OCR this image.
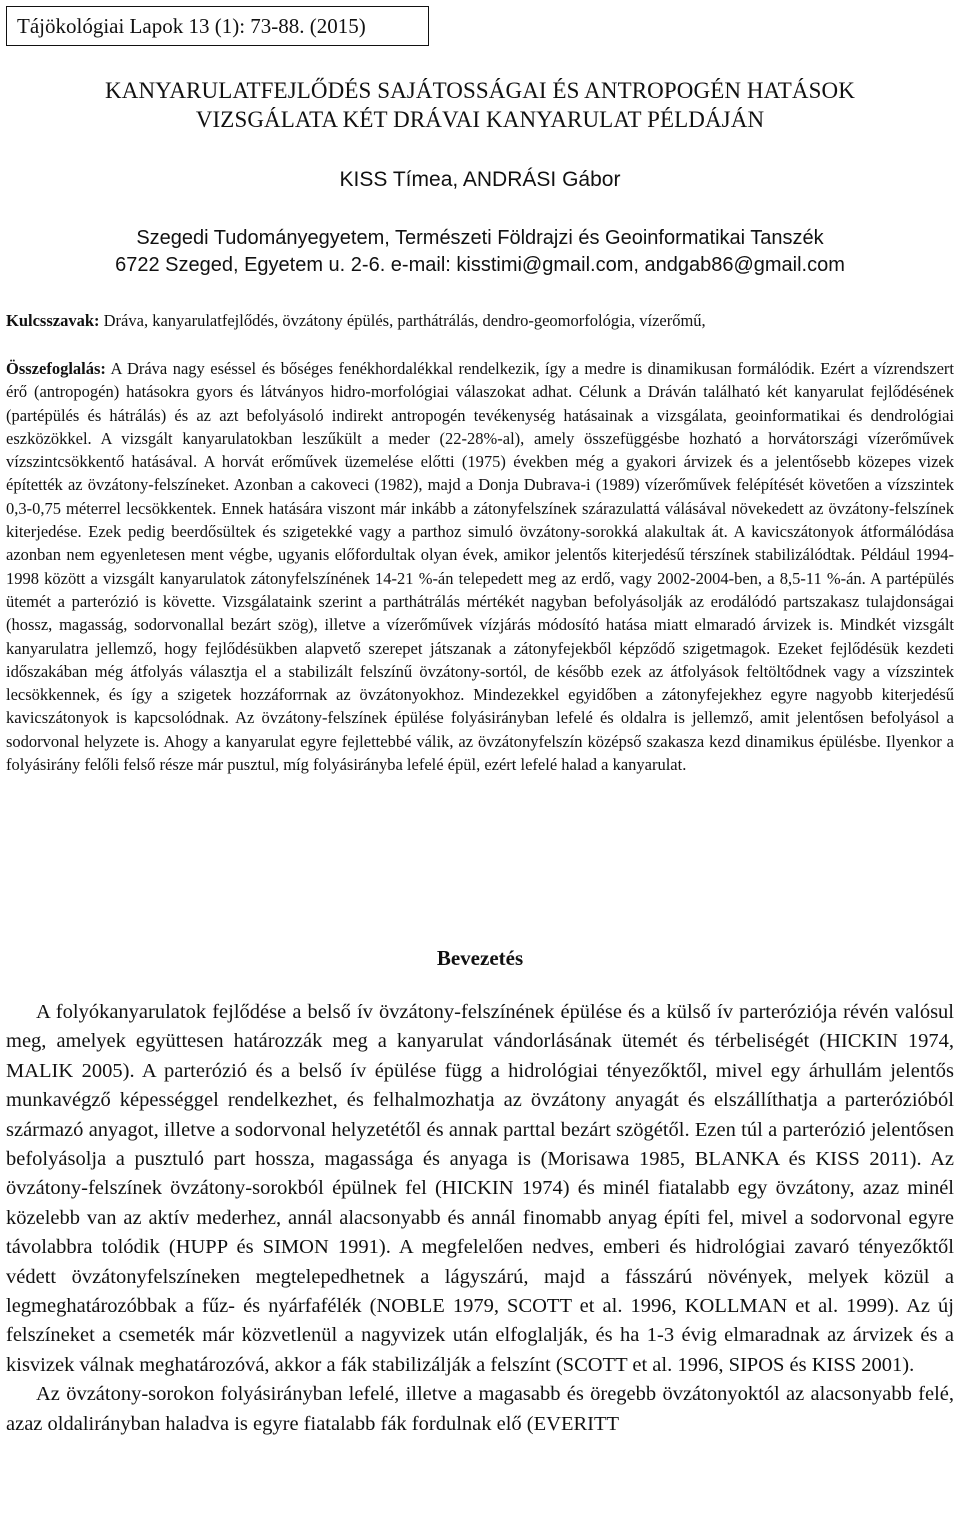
Tájökológiai Lapok 13 (1): 73-88. (2015)
KANYARULATFEJLŐDÉS SAJÁTOSSÁGAI ÉS ANTROPOGÉN HATÁSOK
VIZSGÁLATA KÉT DRÁVAI KANYARULAT PÉLDÁJÁN
KISS Tímea, ANDRÁSI Gábor
Szegedi Tudományegyetem, Természeti Földrajzi és Geoinformatikai Tanszék
6722 Szeged, Egyetem u. 2-6. e-mail: kisstimi@gmail.com, andgab86@gmail.com
Kulcsszavak: Dráva, kanyarulatfejlődés, övzátony épülés, parthátrálás, dendro-geomorfológia, vízerőmű,
Összefoglalás: A Dráva nagy eséssel és bőséges fenékhordalékkal rendelkezik, így a medre is dinamikusan formálódik. Ezért a vízrendszert érő (antropogén) hatásokra gyors és látványos hidro-morfológiai válaszokat adhat. Célunk a Dráván található két kanyarulat fejlődésének (partépülés és hátrálás) és az azt befolyásoló indirekt antropogén tevékenység hatásainak a vizsgálata, geoinformatikai és dendrológiai eszközökkel. A vizsgált kanyarulatokban leszűkült a meder (22-28%-al), amely összefüggésbe hozható a horvátországi vízerőművek vízszintcsökkentő hatásával. A horvát erőművek üzemelése előtti (1975) években még a gyakori árvizek és a jelentősebb közepes vizek építették az övzátony-felszíneket. Azonban a cakoveci (1982), majd a Donja Dubrava-i (1989) vízerőművek felépítését követően a vízszintek 0,3-0,75 méterrel lecsökkentek. Ennek hatására viszont már inkább a zátonyfelszínek szárazulattá válásával növekedett az övzátony-felszínek kiterjedése. Ezek pedig beerdősültek és szigetekké vagy a parthoz simuló övzátony-sorokká alakultak át. A kavicszátonyok átformálódása azonban nem egyenletesen ment végbe, ugyanis előfordultak olyan évek, amikor jelentős kiterjedésű térszínek stabilizálódtak. Például 1994-1998 között a vizsgált kanyarulatok zátonyfelszínének 14-21 %-án telepedett meg az erdő, vagy 2002-2004-ben, a 8,5-11 %-án. A partépülés ütemét a parterózió is követte. Vizsgálataink szerint a parthátrálás mértékét nagyban befolyásolják az erodálódó partszakasz tulajdonságai (hossz, magasság, sodorvonallal bezárt szög), illetve a vízerőművek vízjárás módosító hatása miatt elmaradó árvizek is. Mindkét vizsgált kanyarulatra jellemző, hogy fejlődésükben alapvető szerepet játszanak a zátonyfejekből képződő szigetmagok. Ezeket fejlődésük kezdeti időszakában még átfolyás választja el a stabilizált felszínű övzátony-sortól, de később ezek az átfolyások feltöltődnek vagy a vízszintek lecsökkennek, és így a szigetek hozzáforrnak az övzátonyokhoz. Mindezekkel egyidőben a zátonyfejekhez egyre nagyobb kiterjedésű kavicszátonyok is kapcsolódnak. Az övzátony-felszínek épülése folyásirányban lefelé és oldalra is jellemző, amit jelentősen befolyásol a sodorvonal helyzete is. Ahogy a kanyarulat egyre fejlettebbé válik, az övzátonyfelszín középső szakasza kezd dinamikus épülésbe. Ilyenkor a folyásirány felőli felső része már pusztul, míg folyásirányba lefelé épül, ezért lefelé halad a kanyarulat.
Bevezetés

A folyókanyarulatok fejlődése a belső ív övzátony-felszínének épülése és a külső ív parteróziója révén valósul meg, amelyek együttesen határozzák meg a kanyarulat vándorlásának ütemét és térbeliségét (HICKIN 1974, MALIK 2005). A parterózió és a belső ív épülése függ a hidrológiai tényezőktől, mivel egy árhullám jelentős munkavégző képességgel rendelkezhet, és felhalmozhatja az övzátony anyagát és elszállíthatja a parterózióból származó anyagot, illetve a sodorvonal helyzetétől és annak parttal bezárt szögétől. Ezen túl a parterózió jelentősen befolyásolja a pusztuló part hossza, magassága és anyaga is (Morisawa 1985, BLANKA és KISS 2011). Az övzátony-felszínek övzátony-sorokból épülnek fel (HICKIN 1974) és minél fiatalabb egy övzátony, azaz minél közelebb van az aktív mederhez, annál alacsonyabb és annál finomabb anyag építi fel, mivel a sodorvonal egyre távolabbra tolódik (HUPP és SIMON 1991). A megfelelően nedves, emberi és hidrológiai zavaró tényezőktől védett övzátonyfelszíneken megtelepedhetnek a lágyszárú, majd a fásszárú növények, melyek közül a legmeghatározóbbak a fűz- és nyárfafélék (NOBLE 1979, SCOTT et al. 1996, KOLLMAN et al. 1999). Az új felszíneket a csemeték már közvetlenül a nagyvizek után elfoglalják, és ha 1-3 évig elmaradnak az árvizek és a kisvizek válnak meghatározóvá, akkor a fák stabilizálják a felszínt (SCOTT et al. 1996, SIPOS és KISS 2001).

Az övzátony-sorokon folyásirányban lefelé, illetve a magasabb és öregebb övzátonyoktól az alacsonyabb felé, azaz oldalirányban haladva is egyre fiatalabb fák fordulnak elő (EVERITT
